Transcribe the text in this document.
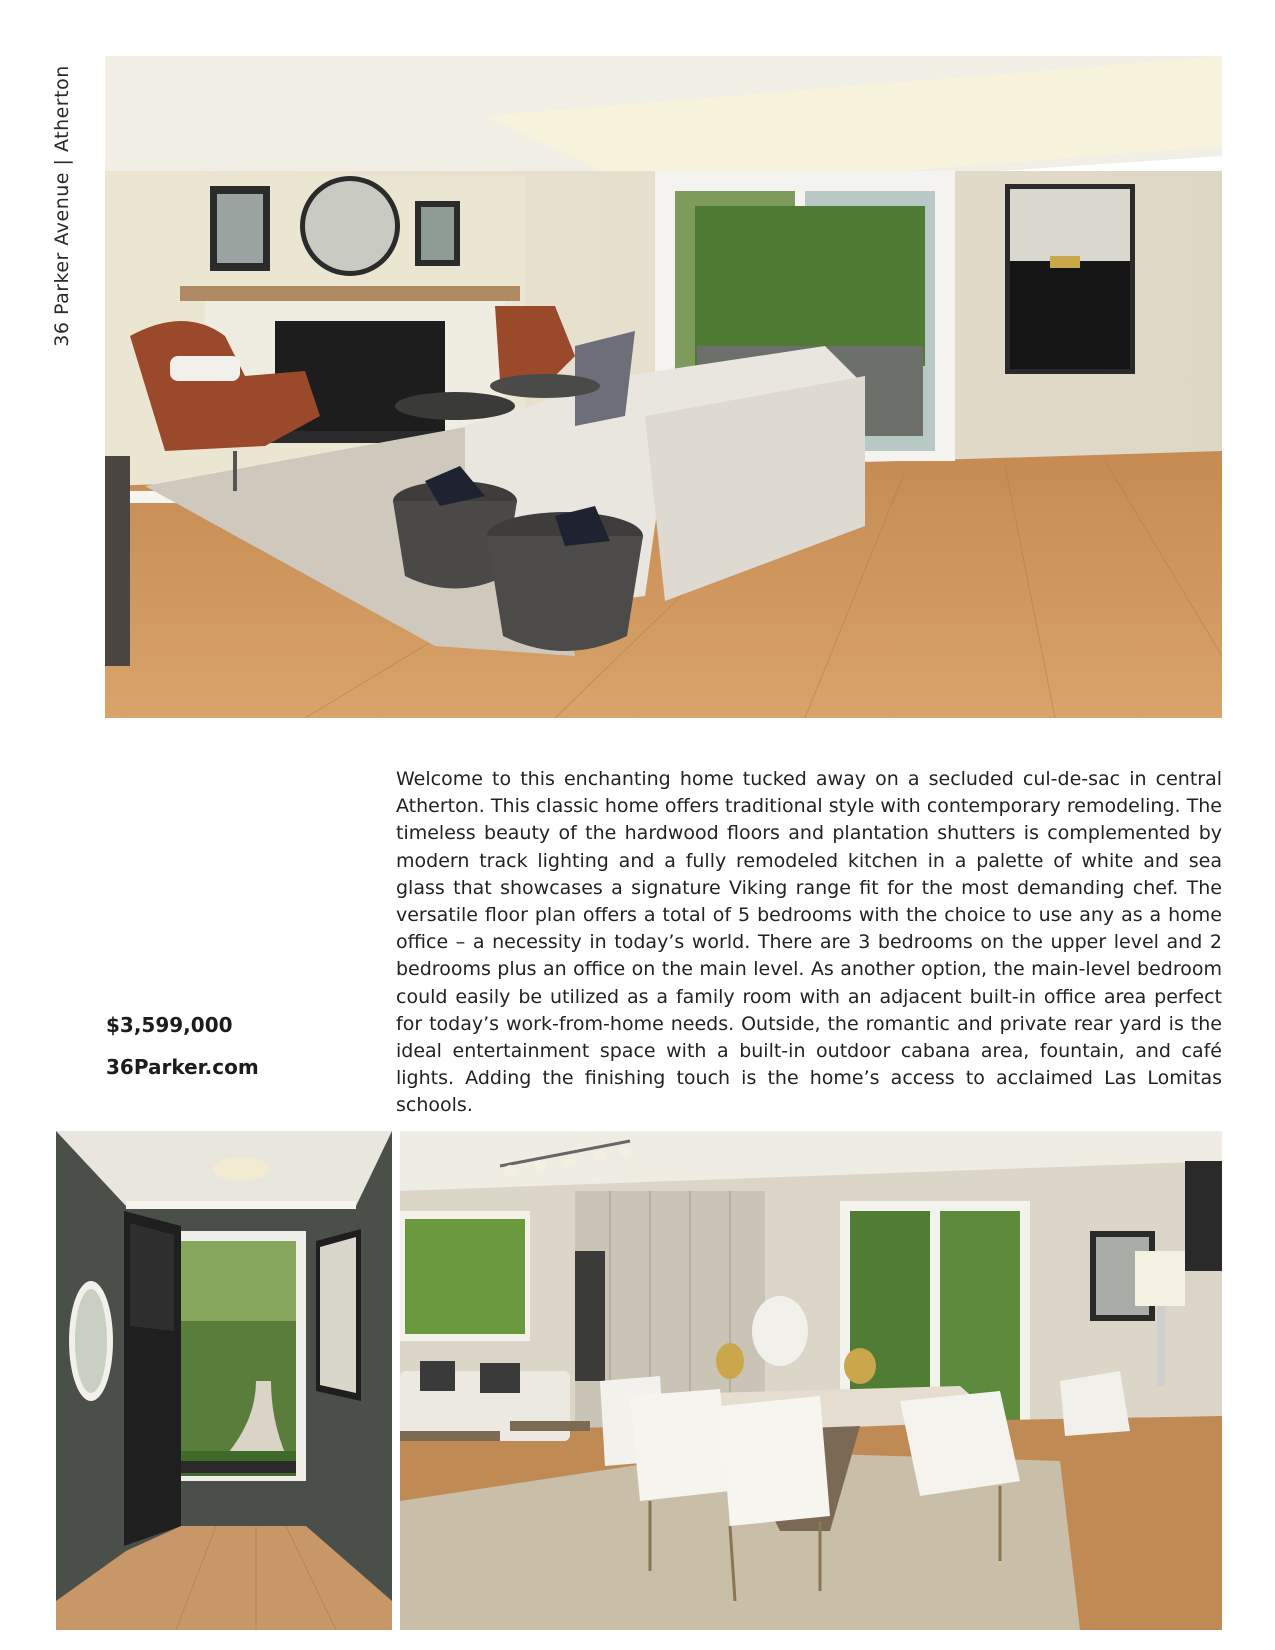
36 Parker Avenue | Atherton

Welcome to this enchanting home tucked away on a secluded cul-de-sac in central Atherton. This classic home offers traditional style with contemporary remodeling. The timeless beauty of the hardwood floors and plantation shutters is complemented by modern track lighting and a fully remodeled kitchen in a palette of white and sea glass that showcases a signature Viking range fit for the most demanding chef. The versatile floor plan offers a total of 5 bedrooms with the choice to use any as a home office – a necessity in today’s world. There are 3 bedrooms on the upper level and 2 bedrooms plus an office on the main level. As another option, the main-level bedroom could easily be utilized as a family room with an adjacent built-in office area perfect for today’s work-from-home needs. Outside, the romantic and private rear yard is the ideal entertainment space with a built-in outdoor cabana area, fountain, and café lights. Adding the finishing touch is the home’s access to acclaimed Las Lomitas schools.

$3,599,000
36Parker.com
